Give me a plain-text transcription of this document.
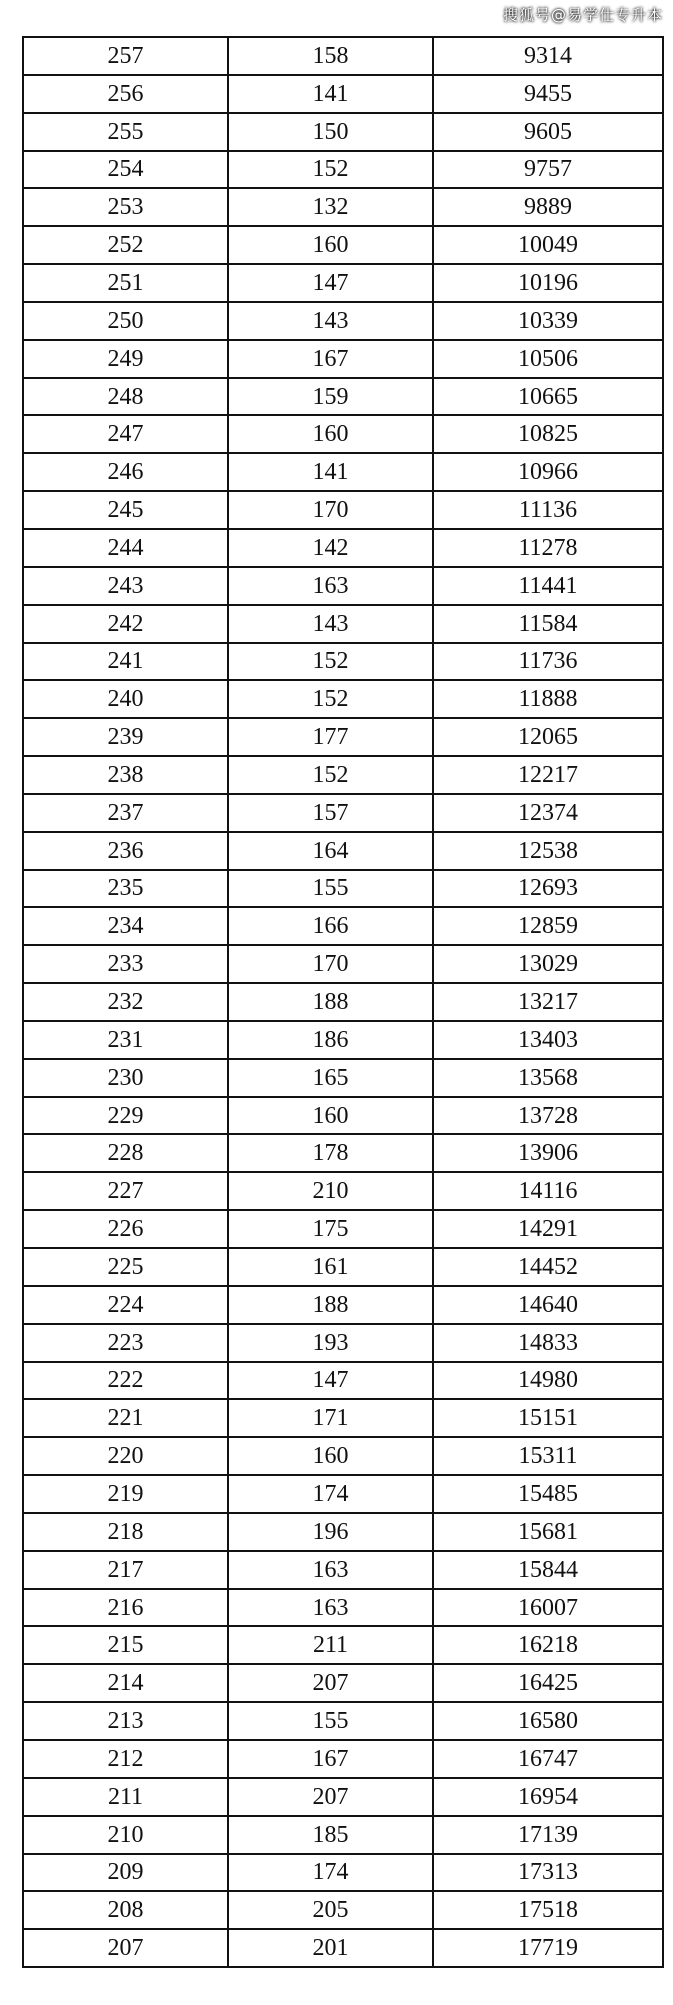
搜狐号@易学仕专升本
257	158	9314
256	141	9455
255	150	9605
254	152	9757
253	132	9889
252	160	10049
251	147	10196
250	143	10339
249	167	10506
248	159	10665
247	160	10825
246	141	10966
245	170	11136
244	142	11278
243	163	11441
242	143	11584
241	152	11736
240	152	11888
239	177	12065
238	152	12217
237	157	12374
236	164	12538
235	155	12693
234	166	12859
233	170	13029
232	188	13217
231	186	13403
230	165	13568
229	160	13728
228	178	13906
227	210	14116
226	175	14291
225	161	14452
224	188	14640
223	193	14833
222	147	14980
221	171	15151
220	160	15311
219	174	15485
218	196	15681
217	163	15844
216	163	16007
215	211	16218
214	207	16425
213	155	16580
212	167	16747
211	207	16954
210	185	17139
209	174	17313
208	205	17518
207	201	17719
